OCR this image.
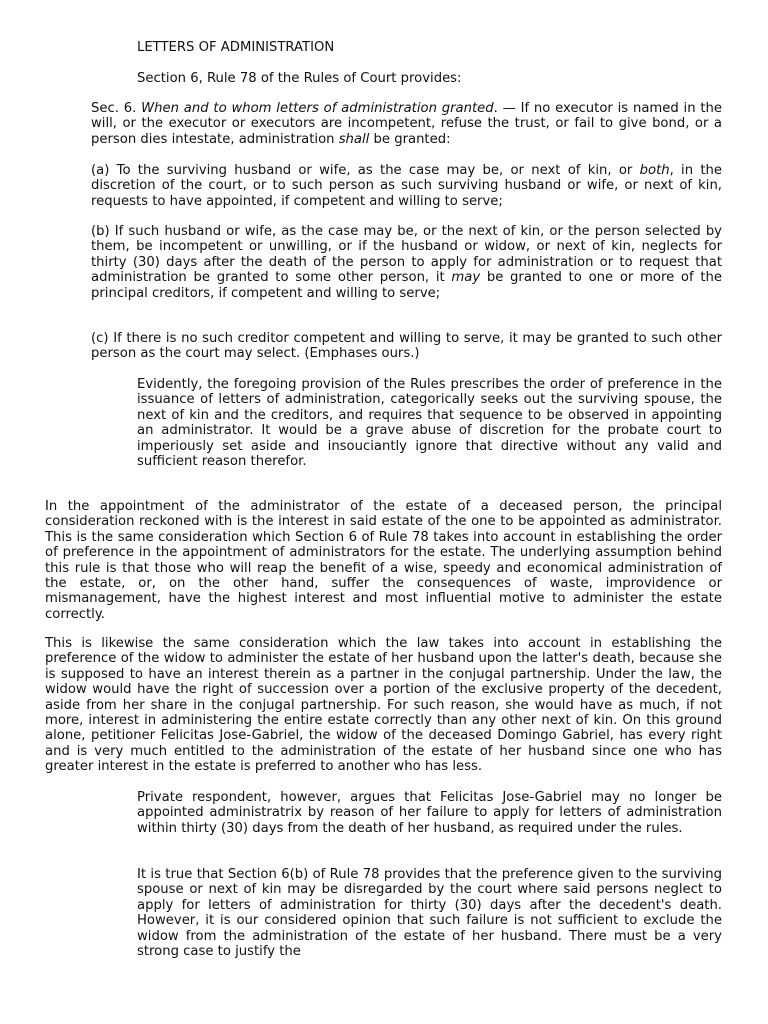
LETTERS OF ADMINISTRATION

Section 6, Rule 78 of the Rules of Court provides:

Sec. 6. When and to whom letters of administration granted. — If no executor is named in the will, or the executor or executors are incompetent, refuse the trust, or fail to give bond, or a person dies intestate, administration shall be granted:

(a) To the surviving husband or wife, as the case may be, or next of kin, or both, in the discretion of the court, or to such person as such surviving husband or wife, or next of kin, requests to have appointed, if competent and willing to serve;

(b) If such husband or wife, as the case may be, or the next of kin, or the person selected by them, be incompetent or unwilling, or if the husband or widow, or next of kin, neglects for thirty (30) days after the death of the person to apply for administration or to request that administration be granted to some other person, it may be granted to one or more of the principal creditors, if competent and willing to serve;

(c) If there is no such creditor competent and willing to serve, it may be granted to such other person as the court may select. (Emphases ours.)

Evidently, the foregoing provision of the Rules prescribes the order of preference in the issuance of letters of administration, categorically seeks out the surviving spouse, the next of kin and the creditors, and requires that sequence to be observed in appointing an administrator. It would be a grave abuse of discretion for the probate court to imperiously set aside and insouciantly ignore that directive without any valid and sufficient reason therefor.

In the appointment of the administrator of the estate of a deceased person, the principal consideration reckoned with is the interest in said estate of the one to be appointed as administrator. This is the same consideration which Section 6 of Rule 78 takes into account in establishing the order of preference in the appointment of administrators for the estate. The underlying assumption behind this rule is that those who will reap the benefit of a wise, speedy and economical administration of the estate, or, on the other hand, suffer the consequences of waste, improvidence or mismanagement, have the highest interest and most influential motive to administer the estate correctly.

This is likewise the same consideration which the law takes into account in establishing the preference of the widow to administer the estate of her husband upon the latter's death, because she is supposed to have an interest therein as a partner in the conjugal partnership. Under the law, the widow would have the right of succession over a portion of the exclusive property of the decedent, aside from her share in the conjugal partnership. For such reason, she would have as much, if not more, interest in administering the entire estate correctly than any other next of kin. On this ground alone, petitioner Felicitas Jose-Gabriel, the widow of the deceased Domingo Gabriel, has every right and is very much entitled to the administration of the estate of her husband since one who has greater interest in the estate is preferred to another who has less.

Private respondent, however, argues that Felicitas Jose-Gabriel may no longer be appointed administratrix by reason of her failure to apply for letters of administration within thirty (30) days from the death of her husband, as required under the rules.

It is true that Section 6(b) of Rule 78 provides that the preference given to the surviving spouse or next of kin may be disregarded by the court where said persons neglect to apply for letters of administration for thirty (30) days after the decedent's death. However, it is our considered opinion that such failure is not sufficient to exclude the widow from the administration of the estate of her husband. There must be a very strong case to justify the
